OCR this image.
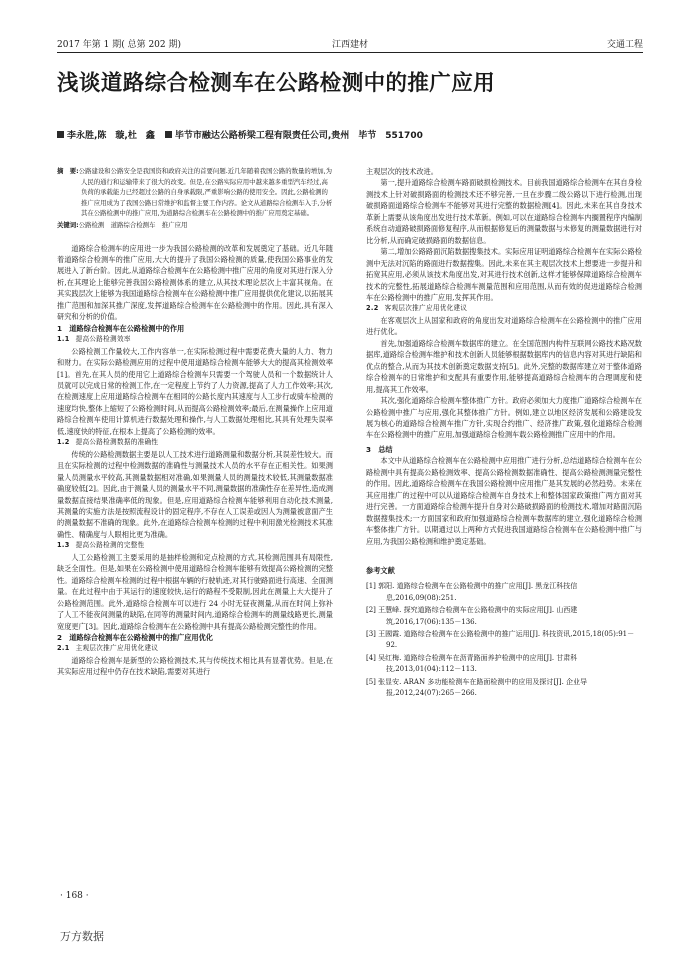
2017 年第 1 期( 总第 202 期)	江西建材	交通工程
浅谈道路综合检测车在公路检测中的推广应用
李永胜,陈　璇,杜　鑫 毕节市融达公路桥梁工程有限责任公司,贵州　毕节　551700

摘　要:公路建设和公路安全是我国资和政府关注的首要问题.近几年随着我国公路的数量的增加,为人民的通行和运输带来了很大的改变。但是,在公路实际应用中越来越多重型汽车经过,高负荷的承载能力已经超过公路的自身承载限,严重影响公路的使用安全。因此,公路检测的推广应用成为了我国公路日常维护和监督主要工作内容。论文从道路综合检测车入手,分析其在公路检测中的推广应用,为道路综合检测车在公路检测中的推广应用奠定基础。

关键词:公路检测　道路综合检测车　推广应用

道路综合检测车的应用进一步为我国公路检测的改革和发展奠定了基础。近几年随着道路综合检测车的推广应用,大大的提升了我国公路检测的质量,使我国公路事业的发展进入了新台阶。因此,从道路综合检测车在公路检测中推广应用的角度对其进行深入分析,在其理论上能够完善我国公路检测体系的建立,从其技术理论层次上丰富其视角。在其实践层次上能够为我国道路综合检测车在公路检测中推广应用提供优化建议,以拓展其推广范围和加深其推广深度,发挥道路综合检测车在公路检测中的作用。因此,具有深入研究和分析的价值。

1　道路综合检测车在公路检测中的作用

1.1 提高公路检测效率

公路检测工作量较大,工作内容单一,在实际检测过程中需要花费大量的人力、物力和财力。在实际公路检测应用的过程中使用道路综合检测车能够大大的提高其检测效率[1]。首先,在其人员的使用它上道路综合检测车只需要一个驾驶人员和一个数据统计人员就可以完成日常的检测工作,在一定程度上节约了人力资源,提高了人力工作效率;其次,在检测速度上应用道路综合检测车在相同的公路长度内其速度与人工步行或骑车检测的速度均快,整体上缩短了公路检测时间,从而提高公路检测效率;最后,在测量操作上应用道路综合检测车使用计算机进行数据处理和操作,与人工数据处理相比,其具有处理失误率低,速度快的特征,在根本上提高了公路检测的效率。

1.2 提高公路检测数据的准确性

传统的公路检测数据主要是以人工技术进行道路测量和数据分析,其误差性较大。而且在实际检测的过程中检测数据的准确性与测量技术人员的水平存在正相关性。如果测量人员测量水平较高,其测量数据相对准确,如果测量人员的测量技术较低,其测量数据准确度较低[2]。因此,由于测量人员的测量水平不同,测量数据的准确性存在差异性,造成测量数据直接结果准确率低的现象。但是,应用道路综合检测车能够利用自动化技术测量,其测量的实施方法是按照流程设计的固定程序,不存在人工误差或因人为测量被意面产生的测量数据不准确的现象。此外,在道路综合检测车检测的过程中利用激光检测技术其准确性、精确度与人眼相比更为准确。

1.3 提高公路检测的完整性

人工公路检测工主要采用的是抽样检测和定点检测的方式,其检测范围具有局限性,缺乏全面性。但是,如果在公路检测中使用道路综合检测车能够有效提高公路检测的完整性。道路综合检测车检测的过程中根据车辆的行驶轨迹,对其行驶路面进行高速、全面测量。在此过程中由于其运行的速度较快,运行的路程不受限制,因此在测量上大大提升了公路检测范围。此外,道路综合检测车可以进行 24 小时无昼夜测量,从而在时间上弥补了人工不能夜间测量的缺陷,在同等的测量时间内,道路综合检测车的测量线路更长,测量宽度更广[3]。因此,道路综合检测车在公路检测中具有提高公路检测完整性的作用。

2　道路综合检测车在公路检测中的推广应用优化

2.1 主观层次推广应用优化建议

道路综合检测车是新型的公路检测技术,其与传统技术相比具有显著优势。但是,在其实际应用过程中仍存在技术缺陷,需要对其进行

主观层次的技术改进。

第一,提升道路综合检测车路面破损检测技术。目前我国道路综合检测车在其自身检测技术上针对破损路面的检测技术还不够完善,一旦在步骤二级公路以下进行检测,出现破损路面道路综合检测车不能够对其进行完整的数据检测[4]。因此,未来在其自身技术革新上需要从该角度出发进行技术革新。例如,可以在道路综合检测车内搁置程序内编制系统自动道路破损路面修复程序,从而根据修复后的测量数据与未修复的测量数据进行对比分析,从而确定破损路面的数据信息。

第二,增加公路路面沉陷数据搜集技术。实际应用证明道路综合检测车在实际公路检测中无法对沉陷的路面进行数据搜集。因此,未来在其主观层次技术上想要进一步提升和拓宽其应用,必须从该技术角度出发,对其进行技术创新,这样才能够保障道路综合检测车技术的完整性,拓展道路综合检测车测量范围和应用范围,从而有效的促进道路综合检测车在公路检测中的推广应用,发挥其作用。

2.2 客观层次推广应用优化建议

在客观层次上从国家和政府的角度出发对道路综合检测车在公路检测中的推广应用进行优化。

首先,加强道路综合检测车数据库的建立。在全国范围内构件互联网公路技术路况数据库,道路综合检测车维护和技术创新人员能够根据数据库内的信息内容对其进行缺陷和优点的整合,从而为其技术创新奠定数据支持[5]。此外,完整的数据库建立对于整体道路综合检测车的日常维护和支配具有重要作用,能够提高道路综合检测车的合理调度和使用,提高其工作效率。

其次,强化道路综合检测车整体推广方针。政府必须加大力度推广道路综合检测车在公路检测中推广与应用,强化其整体推广方针。例如,建立以地区经济发展和公路建设发展为核心的道路综合检测车推广方针,实现合约推广、经济推广政策,强化道路综合检测车在公路检测中的推广应用,加强道路综合检测车载公路检测推广应用中的作用。

3　总结

本文中从道路综合检测车在公路检测中应用推广进行分析,总结道路综合检测车在公路检测中具有提高公路检测效率、提高公路检测数据准确性、提高公路检测测量完整性的作用。因此,道路综合检测车在我国公路检测中应用推广是其发展的必然趋势。未来在其应用推广的过程中可以从道路综合检测车自身技术上和整体国家政策推广两方面对其进行完善。一方面道路综合检测车提升自身对公路破损路面的检测技术,增加对路面沉陷数据搜集技术;一方面国家和政府加强道路综合检测车数据库的建立,强化道路综合检测车整体推广方针。以期通过以上两种方式促进我国道路综合检测车在公路检测中推广与应用,为我国公路检测和维护奠定基础。

参考文献

[1] 郭阳. 道路综合检测车在公路检测中的推广应用[J]. 黑龙江科技信息,2016,09(08):251.

[2] 王慧峰. 探究道路综合检测车在公路检测中的实际应用[J]. 山西建筑,2016,17(06):135－136.

[3] 王國霞. 道路综合检测车在公路检测中的推广运用[J]. 科技资讯,2015,18(05):91－92.

[4] 吴红梅. 道路综合检测车在沥青路面养护检测中的应用[J]. 甘肃科技,2013,01(04):112－113.

[5] 张显安. ARAN 多功能检测车在路面检测中的应用及探讨[J]. 企业导报,2012,24(07):265－266.

· 168 ·
万方数据
